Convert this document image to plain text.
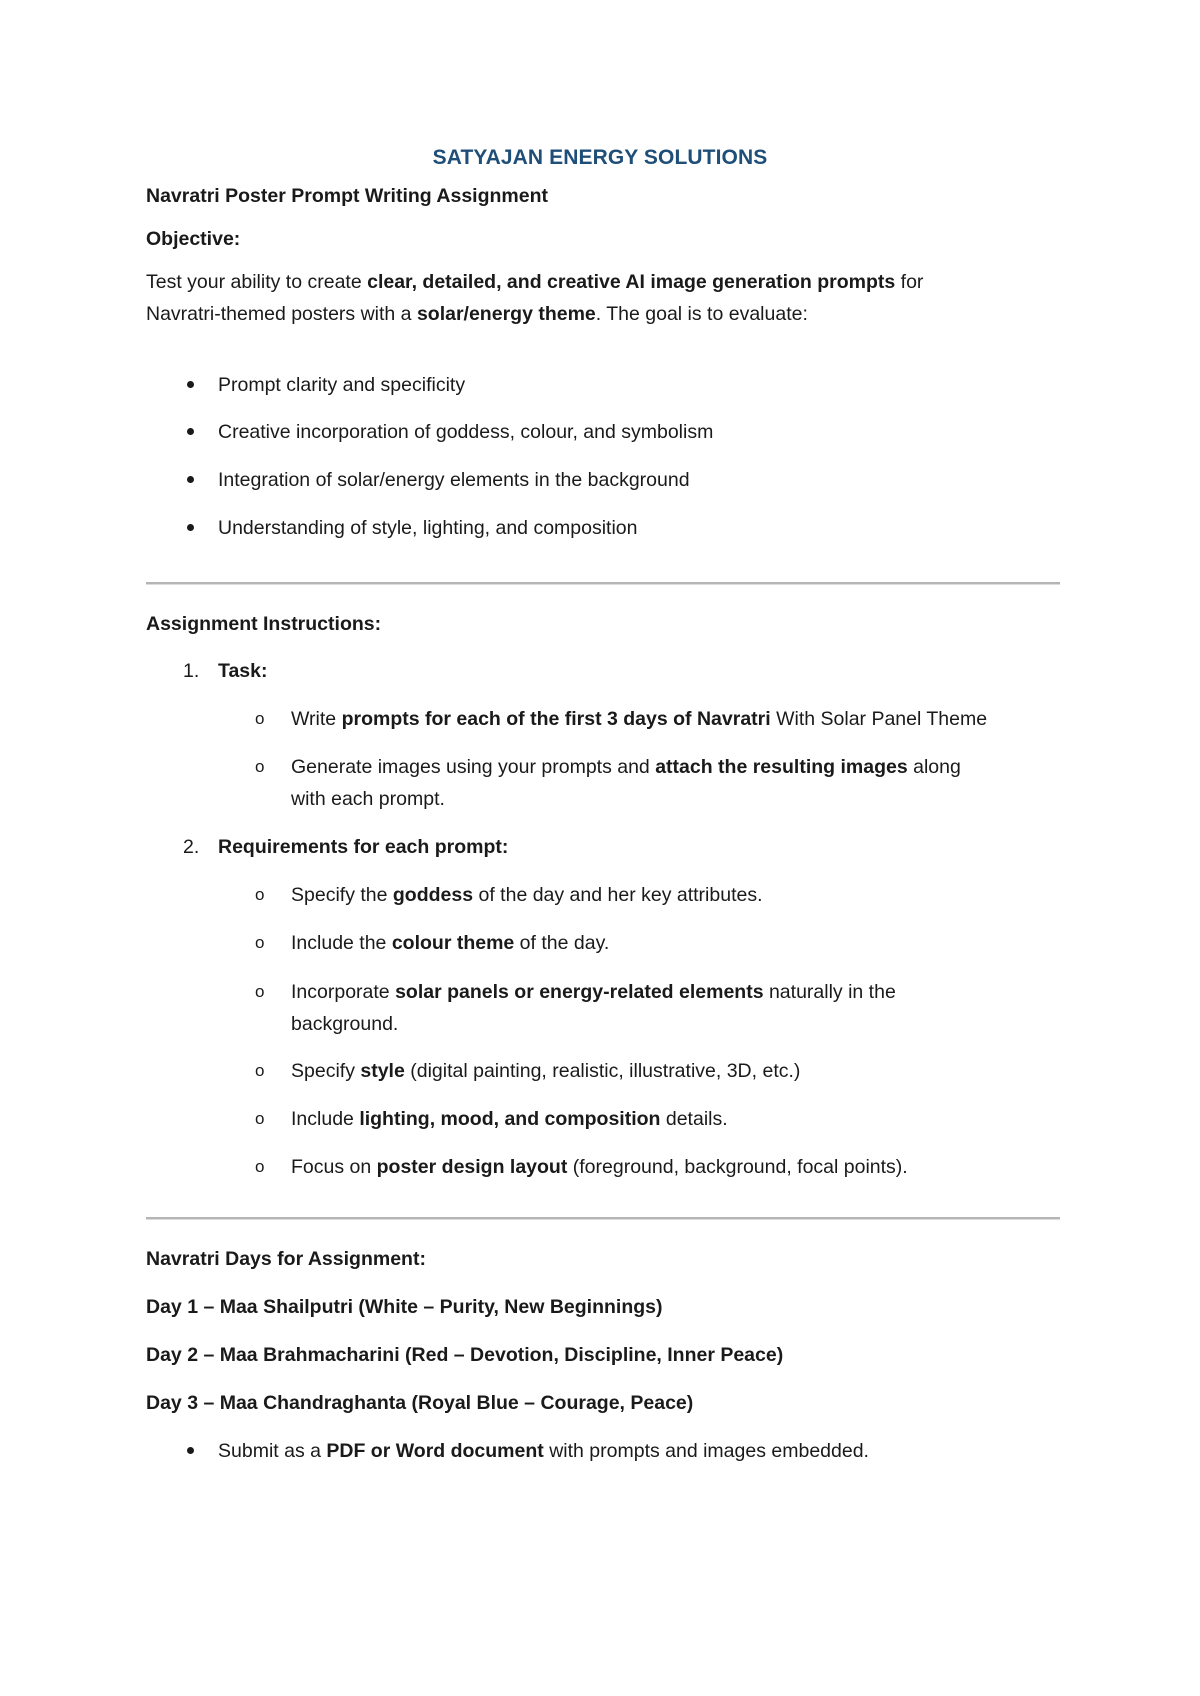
SATYAJAN ENERGY SOLUTIONS
Navratri Poster Prompt Writing Assignment
Objective:
Test your ability to create clear, detailed, and creative AI image generation prompts for
Navratri-themed posters with a solar/energy theme. The goal is to evaluate:
Prompt clarity and specificity
Creative incorporation of goddess, colour, and symbolism
Integration of solar/energy elements in the background
Understanding of style, lighting, and composition
Assignment Instructions:
1. Task:
o Write prompts for each of the first 3 days of Navratri With Solar Panel Theme
o Generate images using your prompts and attach the resulting images along
with each prompt.
2. Requirements for each prompt:
o Specify the goddess of the day and her key attributes.
o Include the colour theme of the day.
o Incorporate solar panels or energy-related elements naturally in the
background.
o Specify style (digital painting, realistic, illustrative, 3D, etc.)
o Include lighting, mood, and composition details.
o Focus on poster design layout (foreground, background, focal points).
Navratri Days for Assignment:
Day 1 – Maa Shailputri (White – Purity, New Beginnings)
Day 2 – Maa Brahmacharini (Red – Devotion, Discipline, Inner Peace)
Day 3 – Maa Chandraghanta (Royal Blue – Courage, Peace)
Submit as a PDF or Word document with prompts and images embedded.
